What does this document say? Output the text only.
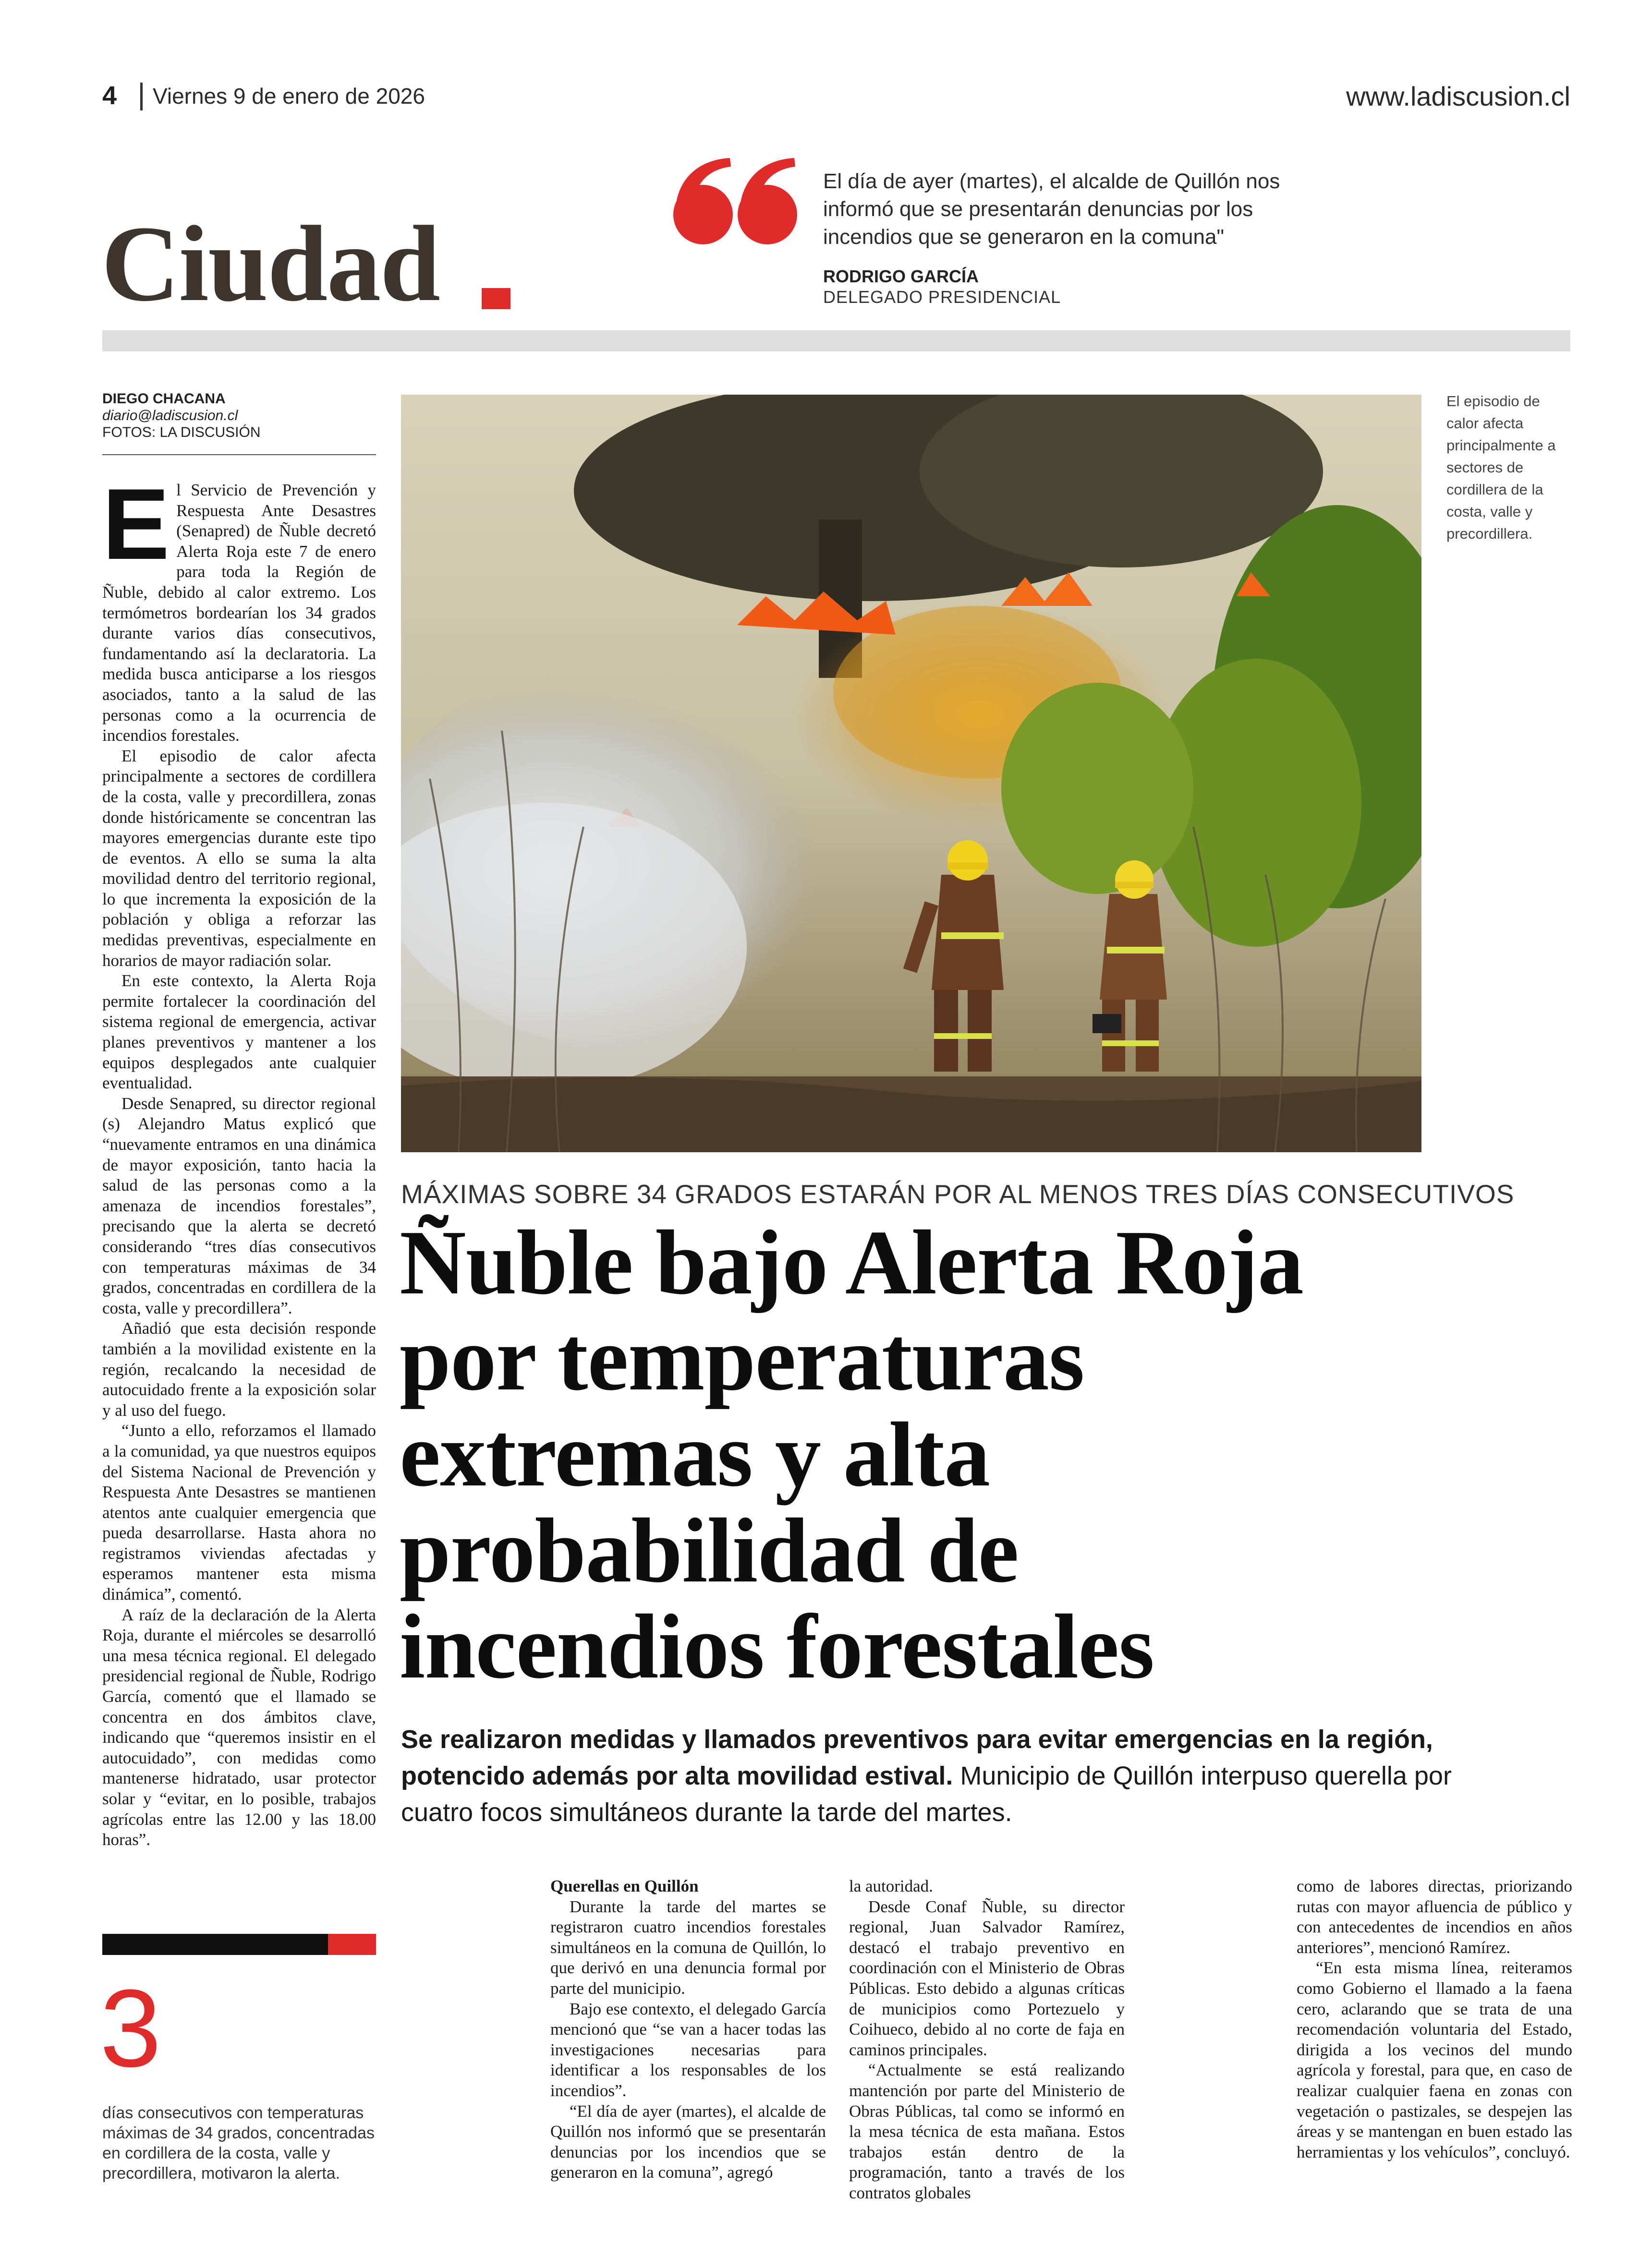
4 Viernes 9 de enero de 2026	www.ladiscusion.cl
Ciudad
El día de ayer (martes), el alcalde de Quillón nos informó que se presentarán denuncias por los incendios que se generaron en la comuna"
RODRIGO GARCÍA
DELEGADO PRESIDENCIAL
DIEGO CHACANA
diario@ladiscusion.cl
FOTOS: LA DISCUSIÓN

El Servicio de Prevención y Respuesta Ante Desastres (Senapred) de Ñuble decretó Alerta Roja este 7 de enero para toda la Región de Ñuble, debido al calor extremo. Los termómetros bordearían los 34 grados durante varios días consecutivos, fundamentando así la declaratoria. La medida busca anticiparse a los riesgos asociados, tanto a la salud de las personas como a la ocurrencia de incendios forestales.

El episodio de calor afecta principalmente a sectores de cordillera de la costa, valle y precordillera, zonas donde históricamente se concentran las mayores emergencias durante este tipo de eventos. A ello se suma la alta movilidad dentro del territorio regional, lo que incrementa la exposición de la población y obliga a reforzar las medidas preventivas, especialmente en horarios de mayor radiación solar.

En este contexto, la Alerta Roja permite fortalecer la coordinación del sistema regional de emergencia, activar planes preventivos y mantener a los equipos desplegados ante cualquier eventualidad.

Desde Senapred, su director regional (s) Alejandro Matus explicó que “nuevamente entramos en una dinámica de mayor exposición, tanto hacia la salud de las personas como a la amenaza de incendios forestales”, precisando que la alerta se decretó considerando “tres días consecutivos con temperaturas máximas de 34 grados, concentradas en cordillera de la costa, valle y precordillera”.

Añadió que esta decisión responde también a la movilidad existente en la región, recalcando la necesidad de autocuidado frente a la exposición solar y al uso del fuego.

“Junto a ello, reforzamos el llamado a la comunidad, ya que nuestros equipos del Sistema Nacional de Prevención y Respuesta Ante Desastres se mantienen atentos ante cualquier emergencia que pueda desarrollarse. Hasta ahora no registramos viviendas afectadas y esperamos mantener esta misma dinámica”, comentó.

A raíz de la declaración de la Alerta Roja, durante el miércoles se desarrolló una mesa técnica regional. El delegado presidencial regional de Ñuble, Rodrigo García, comentó que el llamado se concentra en dos ámbitos clave, indicando que “queremos insistir en el autocuidado”, con medidas como mantenerse hidratado, usar protector solar y “evitar, en lo posible, trabajos agrícolas entre las 12.00 y las 18.00 horas”.

3
días consecutivos con temperaturas máximas de 34 grados, concentradas en cordillera de la costa, valle y precordillera, motivaron la alerta.
El episodio de calor afecta principalmente a sectores de cordillera de la costa, valle y precordillera.
MÁXIMAS SOBRE 34 GRADOS ESTARÁN POR AL MENOS TRES DÍAS CONSECUTIVOS
Ñuble bajo Alerta Roja
por temperaturas
extremas y alta
probabilidad de
incendios forestales
Se realizaron medidas y llamados preventivos para evitar emergencias en la región, potencido además por alta movilidad estival. Municipio de Quillón interpuso querella por cuatro focos simultáneos durante la tarde del martes.
Querellas en Quillón

Durante la tarde del martes se registraron cuatro incendios forestales simultáneos en la comuna de Quillón, lo que derivó en una denuncia formal por parte del municipio.

Bajo ese contexto, el delegado García mencionó que “se van a hacer todas las investigaciones necesarias para identificar a los responsables de los incendios”.

“El día de ayer (martes), el alcalde de Quillón nos informó que se presentarán denuncias por los incendios que se generaron en la comuna”, agregó

la autoridad.

Desde Conaf Ñuble, su director regional, Juan Salvador Ramírez, destacó el trabajo preventivo en coordinación con el Ministerio de Obras Públicas. Esto debido a algunas críticas de municipios como Portezuelo y Coihueco, debido al no corte de faja en caminos principales.

“Actualmente se está realizando mantención por parte del Ministerio de Obras Públicas, tal como se informó en la mesa técnica de esta mañana. Estos trabajos están dentro de la programación, tanto a través de los contratos globales

como de labores directas, priorizando rutas con mayor afluencia de público y con antecedentes de incendios en años anteriores”, mencionó Ramírez.

“En esta misma línea, reiteramos como Gobierno el llamado a la faena cero, aclarando que se trata de una recomendación voluntaria del Estado, dirigida a los vecinos del mundo agrícola y forestal, para que, en caso de realizar cualquier faena en zonas con vegetación o pastizales, se despejen las áreas y se mantengan en buen estado las herramientas y los vehículos”, concluyó.
